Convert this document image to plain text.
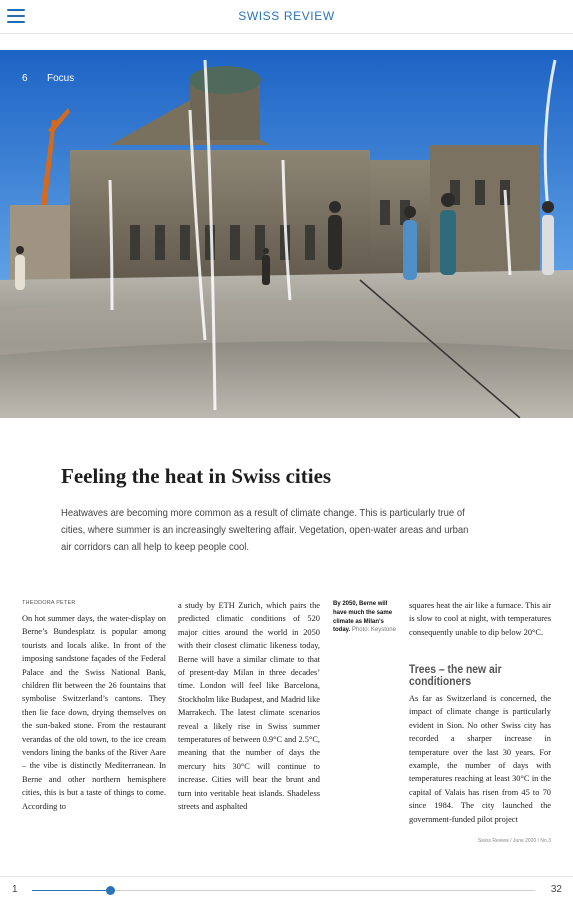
SWISS REVIEW
6 Focus
Feeling the heat in Swiss cities

Heatwaves are becoming more common as a result of climate change. This is particularly true of cities, where summer is an increasingly sweltering affair. Vegetation, open-water areas and urban air corridors can all help to keep people cool.

THEODORA PETER

On hot summer days, the water-display on Berne’s Bundesplatz is popular among tourists and locals alike. In front of the imposing sandstone façades of the Federal Palace and the Swiss National Bank, children flit between the 26 fountains that symbolise Switzerland’s cantons. They then lie face down, drying themselves on the sun-baked stone. From the restaurant verandas of the old town, to the ice cream vendors lining the banks of the River Aare – the vibe is distinctly Mediterranean. In Berne and other northern hemisphere cities, this is but a taste of things to come. According to

a study by ETH Zurich, which pairs the predicted climatic conditions of 520 major cities around the world in 2050 with their closest climatic likeness today, Berne will have a similar climate to that of present-day Milan in three decades’ time. London will feel like Barcelona, Stockholm like Budapest, and Madrid like Marrakech. The latest climate scenarios reveal a likely rise in Swiss summer temperatures of between 0.9°C and 2.5°C, meaning that the number of days the mercury hits 30°C will continue to increase. Cities will bear the brunt and turn into veritable heat islands. Shadeless streets and asphalted

By 2050, Berne will have much the same climate as Milan’s today. Photo: Keystone

squares heat the air like a furnace. This air is slow to cool at night, with temperatures consequently unable to dip below 20°C.

Trees – the new air conditioners

As far as Switzerland is concerned, the impact of climate change is particularly evident in Sion. No other Swiss city has recorded a sharper increase in temperature over the last 30 years. For example, the number of days with temperatures reaching at least 30°C in the capital of Valais has risen from 45 to 70 since 1984. The city launched the government-funded pilot project

Swiss Review / June 2020 / No.3
1	32
